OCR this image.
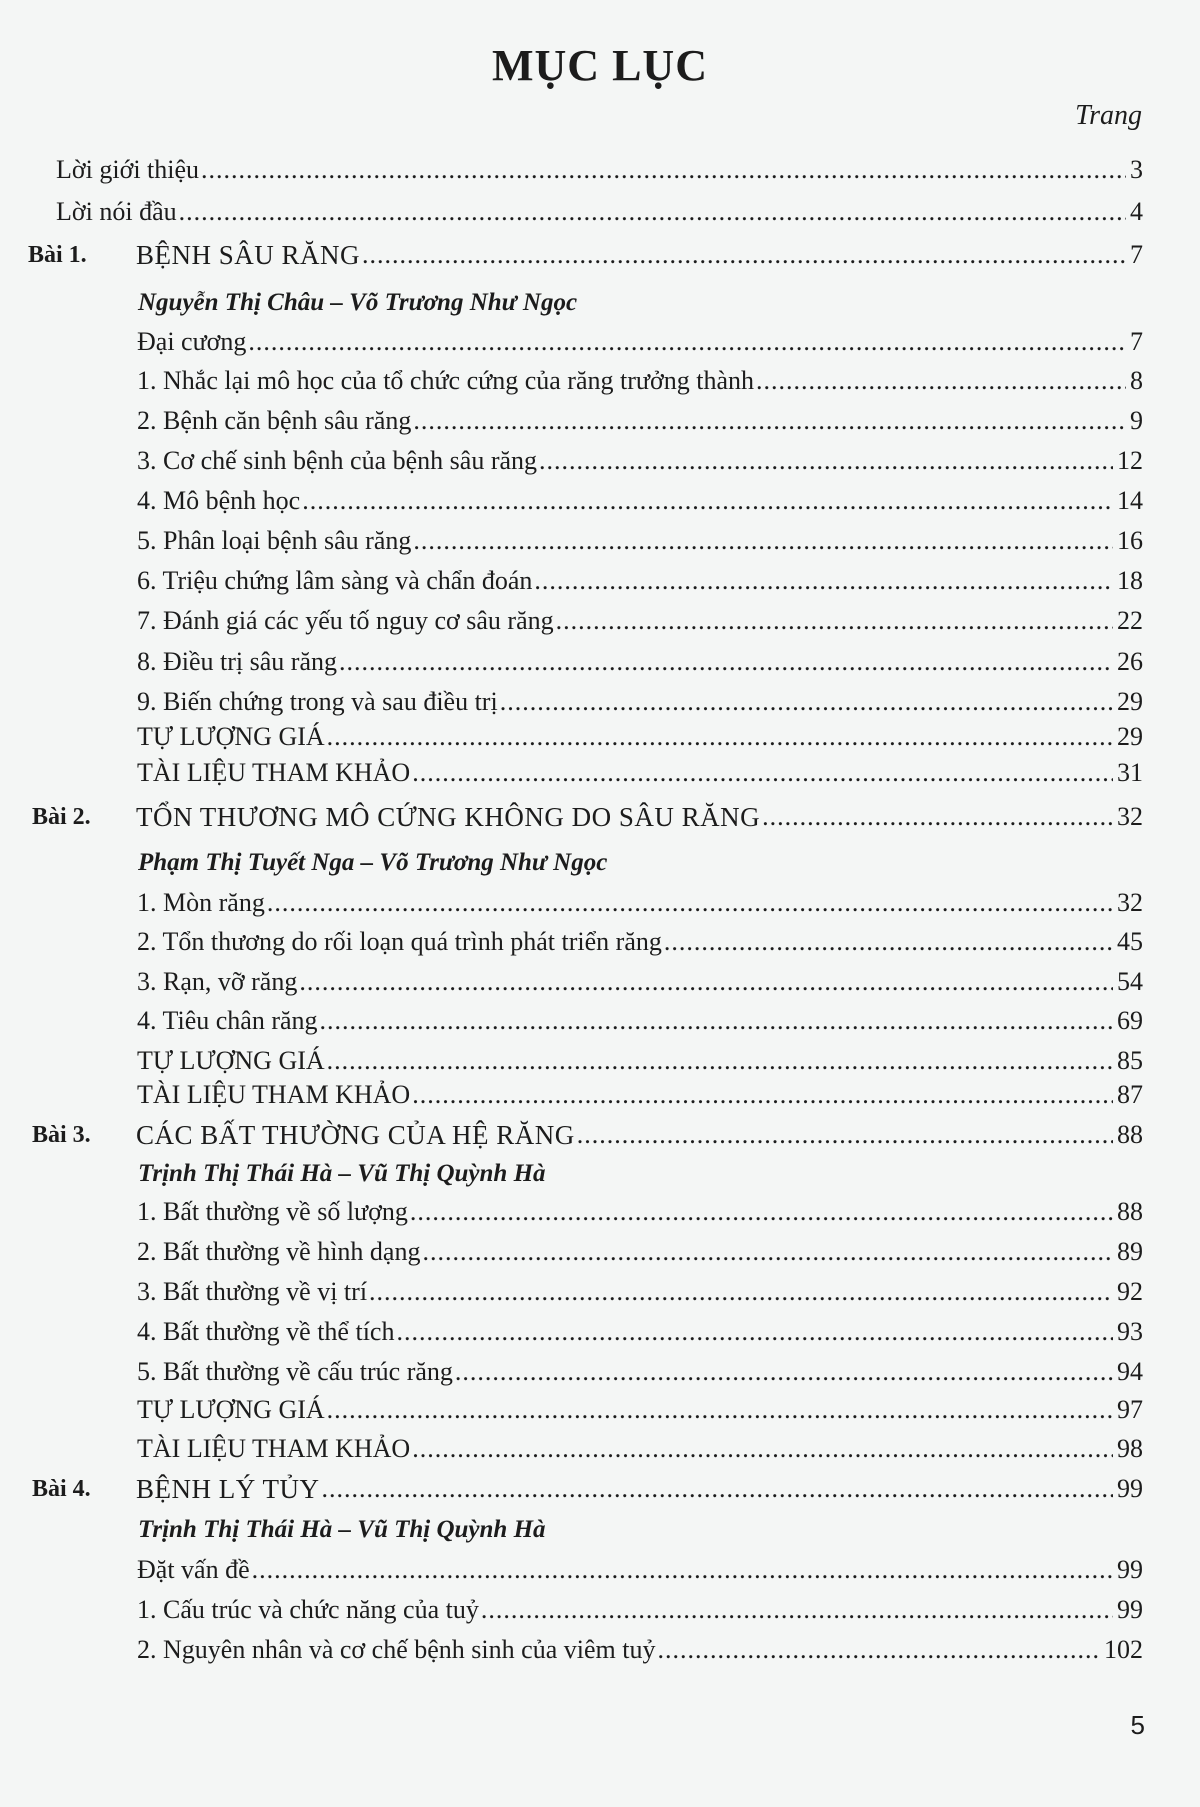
MỤC LỤC
Trang
5
Lời giới thiệu .....	3
Lời nói đầu .....	4
Bài 1. BỆNH SÂU RĂNG .....	7
Nguyễn Thị Châu – Võ Trương Như Ngọc
Đại cương .....	7
1. Nhắc lại mô học của tổ chức cứng của răng trưởng thành .....	8
2. Bệnh căn bệnh sâu răng .....	9
3. Cơ chế sinh bệnh của bệnh sâu răng .....	12
4. Mô bệnh học .....	14
5. Phân loại bệnh sâu răng .....	16
6. Triệu chứng lâm sàng và chẩn đoán .....	18
7. Đánh giá các yếu tố nguy cơ sâu răng .....	22
8. Điều trị sâu răng .....	26
9. Biến chứng trong và sau điều trị .....	29
TỰ LƯỢNG GIÁ .....	29
TÀI LIỆU THAM KHẢO .....	31
Bài 2. TỔN THƯƠNG MÔ CỨNG KHÔNG DO SÂU RĂNG .....	32
Phạm Thị Tuyết Nga – Võ Trương Như Ngọc
1. Mòn răng .....	32
2. Tổn thương do rối loạn quá trình phát triển răng .....	45
3. Rạn, vỡ răng .....	54
4. Tiêu chân răng .....	69
TỰ LƯỢNG GIÁ .....	85
TÀI LIỆU THAM KHẢO .....	87
Bài 3. CÁC BẤT THƯỜNG CỦA HỆ RĂNG .....	88
Trịnh Thị Thái Hà – Vũ Thị Quỳnh Hà
1. Bất thường về số lượng .....	88
2. Bất thường về hình dạng .....	89
3. Bất thường về vị trí .....	92
4. Bất thường về thể tích .....	93
5. Bất thường về cấu trúc răng .....	94
TỰ LƯỢNG GIÁ .....	97
TÀI LIỆU THAM KHẢO .....	98
Bài 4. BỆNH LÝ TỦY .....	99
Trịnh Thị Thái Hà – Vũ Thị Quỳnh Hà
Đặt vấn đề .....	99
1. Cấu trúc và chức năng của tuỷ .....	99
2. Nguyên nhân và cơ chế bệnh sinh của viêm tuỷ .....	102
